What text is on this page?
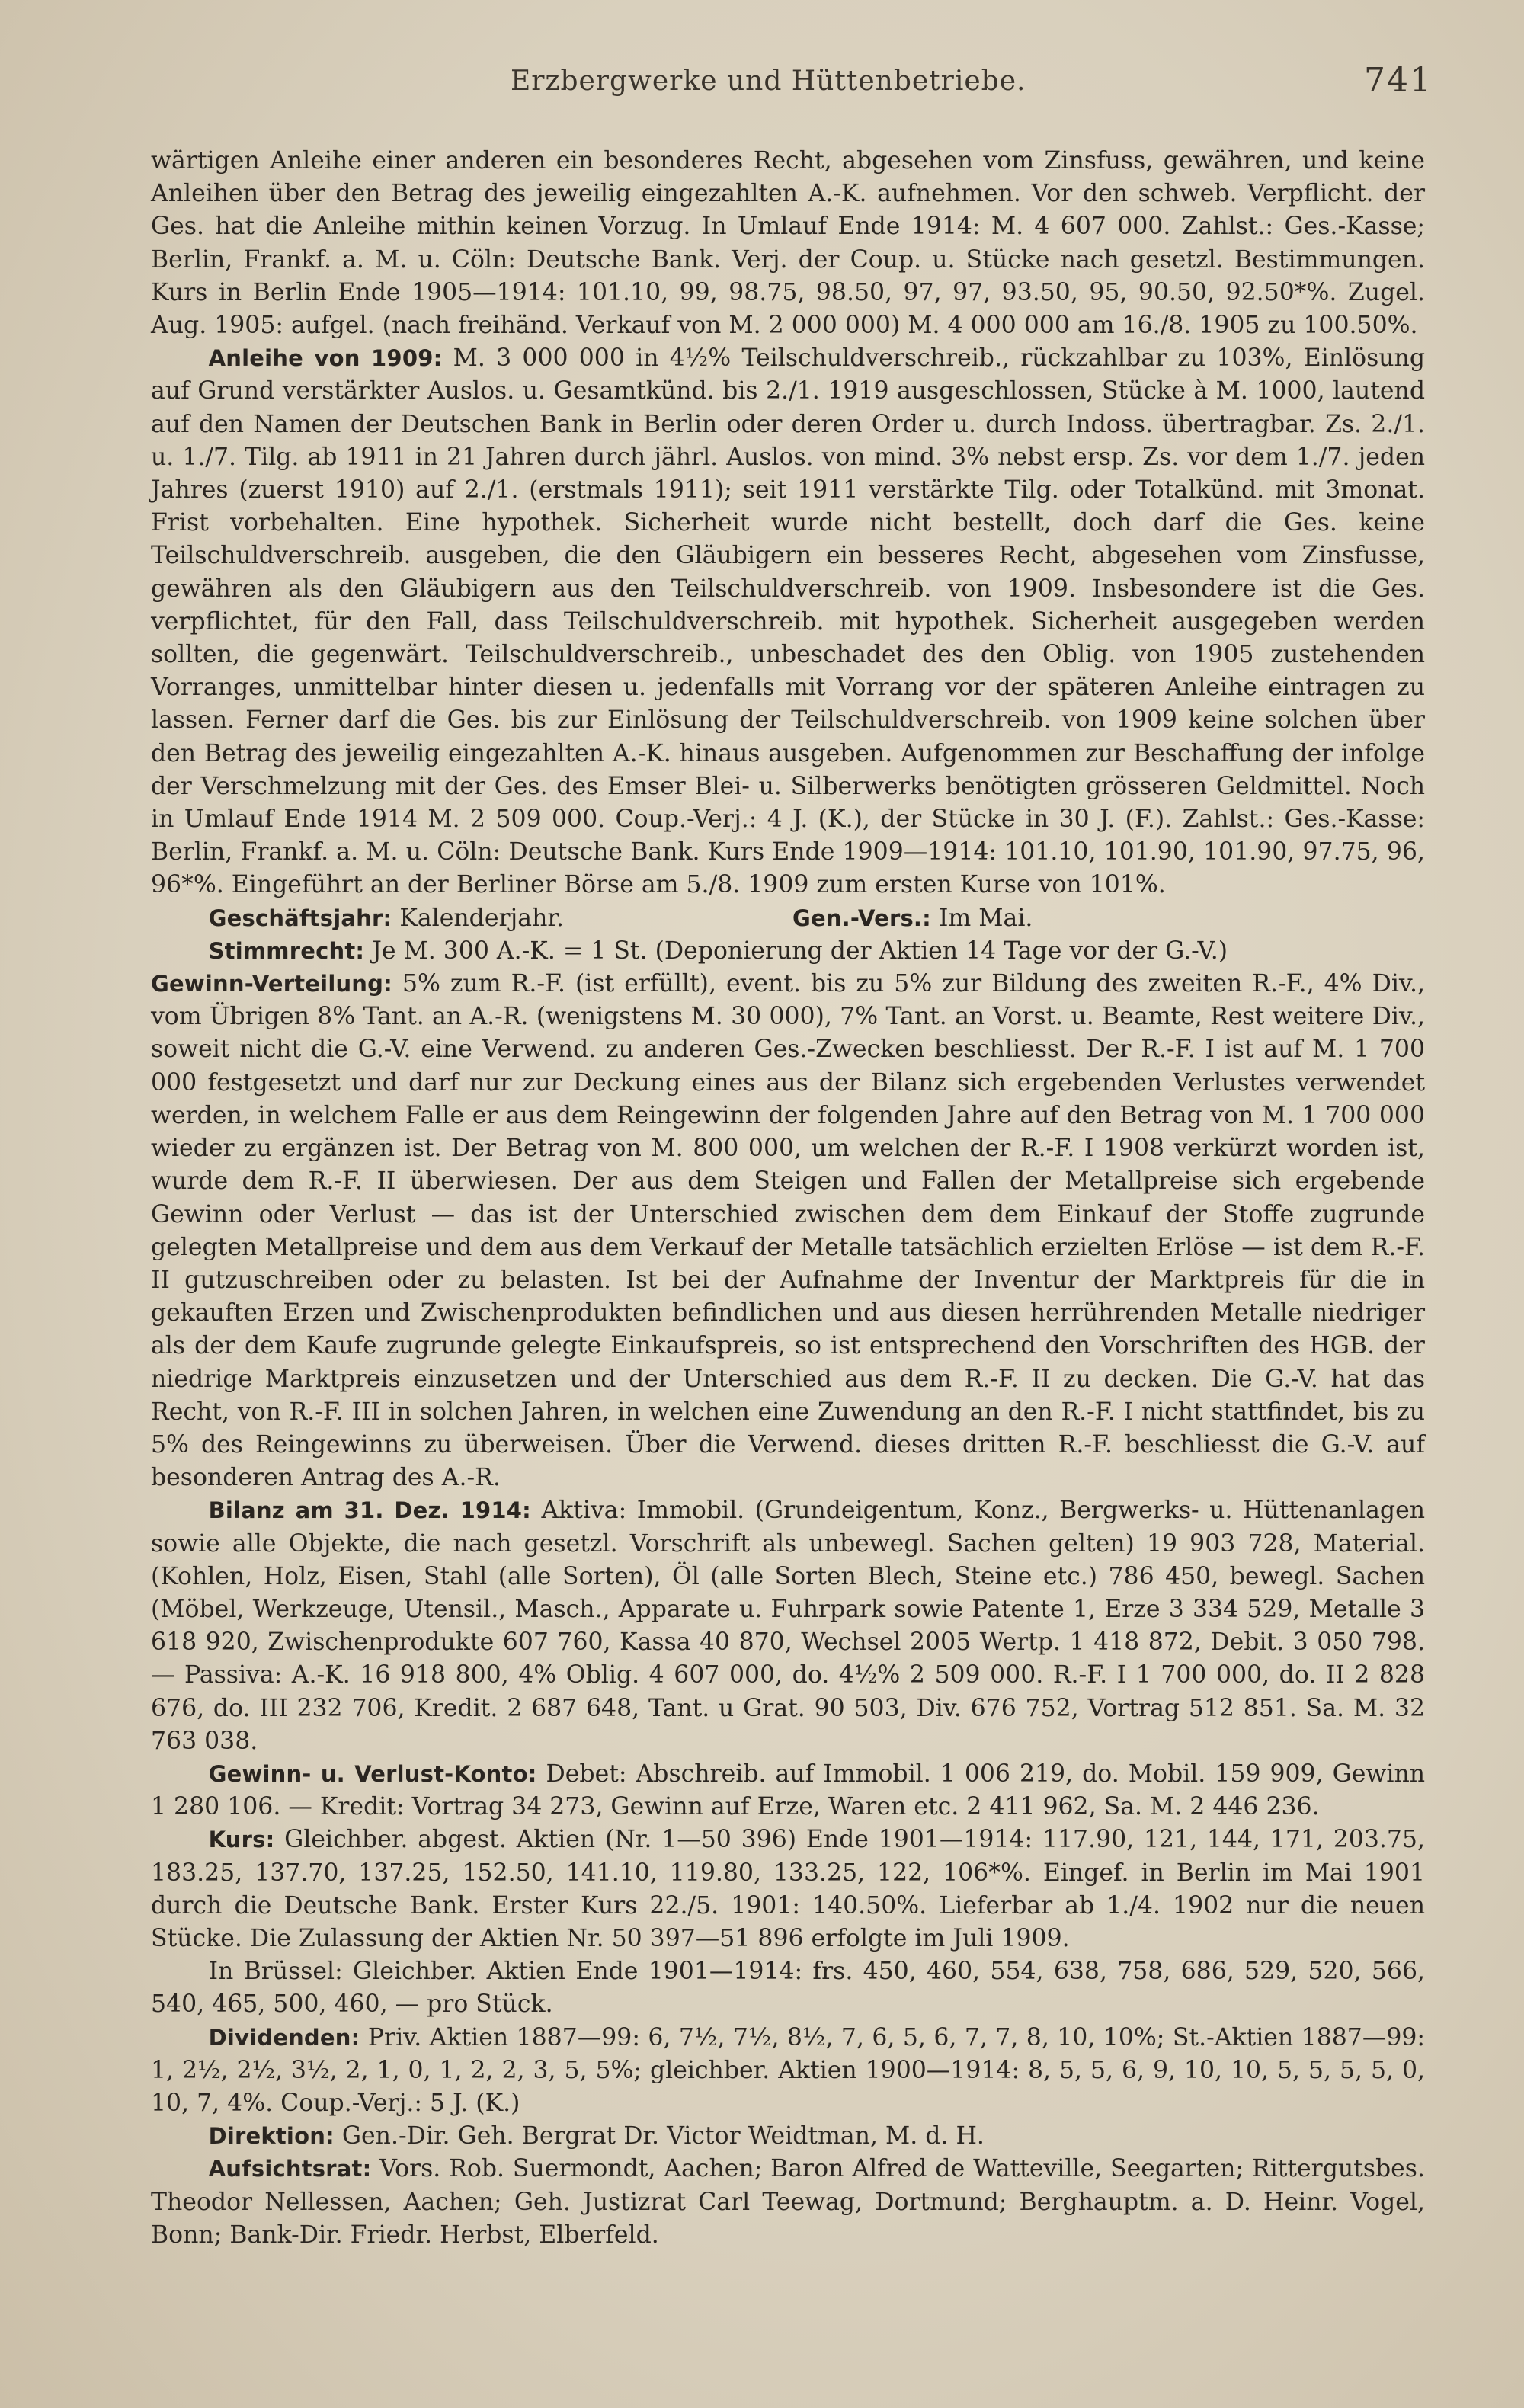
Erzbergwerke und Hüttenbetriebe.	741

wärtigen Anleihe einer anderen ein besonderes Recht, abgesehen vom Zinsfuss, gewähren, und keine Anleihen über den Betrag des jeweilig eingezahlten A.-K. aufnehmen. Vor den schweb. Verpflicht. der Ges. hat die Anleihe mithin keinen Vorzug. In Umlauf Ende 1914: M. 4 607 000. Zahlst.: Ges.-Kasse; Berlin, Frankf. a. M. u. Cöln: Deutsche Bank. Verj. der Coup. u. Stücke nach gesetzl. Bestimmungen. Kurs in Berlin Ende 1905—1914: 101.10, 99, 98.75, 98.50, 97, 97, 93.50, 95, 90.50, 92.50*%. Zugel. Aug. 1905: aufgel. (nach freihänd. Verkauf von M. 2 000 000) M. 4 000 000 am 16./8. 1905 zu 100.50%.

Anleihe von 1909: M. 3 000 000 in 4½% Teilschuldverschreib., rückzahlbar zu 103%, Einlösung auf Grund verstärkter Auslos. u. Gesamtkünd. bis 2./1. 1919 ausgeschlossen, Stücke à M. 1000, lautend auf den Namen der Deutschen Bank in Berlin oder deren Order u. durch Indoss. übertragbar. Zs. 2./1. u. 1./7. Tilg. ab 1911 in 21 Jahren durch jährl. Auslos. von mind. 3% nebst ersp. Zs. vor dem 1./7. jeden Jahres (zuerst 1910) auf 2./1. (erstmals 1911); seit 1911 verstärkte Tilg. oder Totalkünd. mit 3monat. Frist vorbehalten. Eine hypothek. Sicherheit wurde nicht bestellt, doch darf die Ges. keine Teilschuldverschreib. ausgeben, die den Gläubigern ein besseres Recht, abgesehen vom Zinsfusse, gewähren als den Gläubigern aus den Teilschuldverschreib. von 1909. Insbesondere ist die Ges. verpflichtet, für den Fall, dass Teilschuldverschreib. mit hypothek. Sicherheit ausgegeben werden sollten, die gegenwärt. Teilschuldverschreib., unbeschadet des den Oblig. von 1905 zustehenden Vorranges, unmittelbar hinter diesen u. jedenfalls mit Vorrang vor der späteren Anleihe eintragen zu lassen. Ferner darf die Ges. bis zur Einlösung der Teilschuldverschreib. von 1909 keine solchen über den Betrag des jeweilig eingezahlten A.-K. hinaus ausgeben. Aufgenommen zur Beschaffung der infolge der Verschmelzung mit der Ges. des Emser Blei- u. Silberwerks benötigten grösseren Geldmittel. Noch in Umlauf Ende 1914 M. 2 509 000. Coup.-Verj.: 4 J. (K.), der Stücke in 30 J. (F.). Zahlst.: Ges.-Kasse: Berlin, Frankf. a. M. u. Cöln: Deutsche Bank. Kurs Ende 1909—1914: 101.10, 101.90, 101.90, 97.75, 96, 96*%. Eingeführt an der Berliner Börse am 5./8. 1909 zum ersten Kurse von 101%.

Geschäftsjahr: Kalenderjahr.	Gen.-Vers.: Im Mai.

Stimmrecht: Je M. 300 A.-K. = 1 St. (Deponierung der Aktien 14 Tage vor der G.-V.)

Gewinn-Verteilung: 5% zum R.-F. (ist erfüllt), event. bis zu 5% zur Bildung des zweiten R.-F., 4% Div., vom Übrigen 8% Tant. an A.-R. (wenigstens M. 30 000), 7% Tant. an Vorst. u. Beamte, Rest weitere Div., soweit nicht die G.-V. eine Verwend. zu anderen Ges.-Zwecken beschliesst. Der R.-F. I ist auf M. 1 700 000 festgesetzt und darf nur zur Deckung eines aus der Bilanz sich ergebenden Verlustes verwendet werden, in welchem Falle er aus dem Reingewinn der folgenden Jahre auf den Betrag von M. 1 700 000 wieder zu ergänzen ist. Der Betrag von M. 800 000, um welchen der R.-F. I 1908 verkürzt worden ist, wurde dem R.-F. II überwiesen. Der aus dem Steigen und Fallen der Metallpreise sich ergebende Gewinn oder Verlust — das ist der Unterschied zwischen dem dem Einkauf der Stoffe zugrunde gelegten Metallpreise und dem aus dem Verkauf der Metalle tatsächlich erzielten Erlöse — ist dem R.-F. II gutzuschreiben oder zu belasten. Ist bei der Aufnahme der Inventur der Marktpreis für die in gekauften Erzen und Zwischenprodukten befindlichen und aus diesen herrührenden Metalle niedriger als der dem Kaufe zugrunde gelegte Einkaufspreis, so ist entsprechend den Vorschriften des HGB. der niedrige Marktpreis einzusetzen und der Unterschied aus dem R.-F. II zu decken. Die G.-V. hat das Recht, von R.-F. III in solchen Jahren, in welchen eine Zuwendung an den R.-F. I nicht stattfindet, bis zu 5% des Reingewinns zu überweisen. Über die Verwend. dieses dritten R.-F. beschliesst die G.-V. auf besonderen Antrag des A.-R.

Bilanz am 31. Dez. 1914: Aktiva: Immobil. (Grundeigentum, Konz., Bergwerks- u. Hüttenanlagen sowie alle Objekte, die nach gesetzl. Vorschrift als unbewegl. Sachen gelten) 19 903 728, Material. (Kohlen, Holz, Eisen, Stahl (alle Sorten), Öl (alle Sorten Blech, Steine etc.) 786 450, bewegl. Sachen (Möbel, Werkzeuge, Utensil., Masch., Apparate u. Fuhrpark sowie Patente 1, Erze 3 334 529, Metalle 3 618 920, Zwischenprodukte 607 760, Kassa 40 870, Wechsel 2005 Wertp. 1 418 872, Debit. 3 050 798. — Passiva: A.-K. 16 918 800, 4% Oblig. 4 607 000, do. 4½% 2 509 000. R.-F. I 1 700 000, do. II 2 828 676, do. III 232 706, Kredit. 2 687 648, Tant. u Grat. 90 503, Div. 676 752, Vortrag 512 851. Sa. M. 32 763 038.

Gewinn- u. Verlust-Konto: Debet: Abschreib. auf Immobil. 1 006 219, do. Mobil. 159 909, Gewinn 1 280 106. — Kredit: Vortrag 34 273, Gewinn auf Erze, Waren etc. 2 411 962, Sa. M. 2 446 236.

Kurs: Gleichber. abgest. Aktien (Nr. 1—50 396) Ende 1901—1914: 117.90, 121, 144, 171, 203.75, 183.25, 137.70, 137.25, 152.50, 141.10, 119.80, 133.25, 122, 106*%. Eingef. in Berlin im Mai 1901 durch die Deutsche Bank. Erster Kurs 22./5. 1901: 140.50%. Lieferbar ab 1./4. 1902 nur die neuen Stücke. Die Zulassung der Aktien Nr. 50 397—51 896 erfolgte im Juli 1909.

In Brüssel: Gleichber. Aktien Ende 1901—1914: frs. 450, 460, 554, 638, 758, 686, 529, 520, 566, 540, 465, 500, 460, — pro Stück.

Dividenden: Priv. Aktien 1887—99: 6, 7½, 7½, 8½, 7, 6, 5, 6, 7, 7, 8, 10, 10%; St.-Aktien 1887—99: 1, 2½, 2½, 3½, 2, 1, 0, 1, 2, 2, 3, 5, 5%; gleichber. Aktien 1900—1914: 8, 5, 5, 6, 9, 10, 10, 5, 5, 5, 5, 0, 10, 7, 4%. Coup.-Verj.: 5 J. (K.)

Direktion: Gen.-Dir. Geh. Bergrat Dr. Victor Weidtman, M. d. H.

Aufsichtsrat: Vors. Rob. Suermondt, Aachen; Baron Alfred de Watteville, Seegarten; Rittergutsbes. Theodor Nellessen, Aachen; Geh. Justizrat Carl Teewag, Dortmund; Berghauptm. a. D. Heinr. Vogel, Bonn; Bank-Dir. Friedr. Herbst, Elberfeld.
